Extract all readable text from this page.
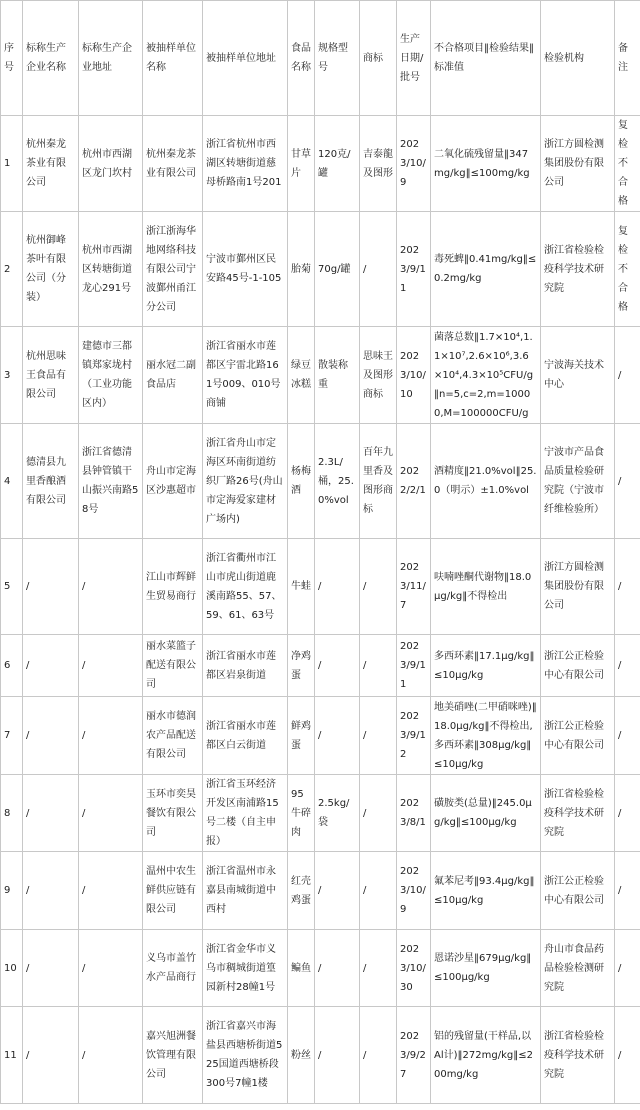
序号	标称生产企业名称	标称生产企业地址	被抽样单位名称	被抽样单位地址	食品名称	规格型号	商标	生产日期/批号	不合格项目‖检验结果‖标准值	检验机构	备注
1	杭州秦龙茶业有限公司	杭州市西湖区龙门坎村	杭州秦龙茶业有限公司	浙江省杭州市西湖区转塘街道慈母桥路南1号201	甘草片	120克/罐	吉泰龍及图形	2023/10/9	二氧化硫残留量‖347mg/kg‖≤100mg/kg	浙江方圆检测集团股份有限公司	复检不合格
2	杭州御峰茶叶有限公司（分装）	杭州市西湖区转塘街道龙心291号	浙江浙海华地网络科技有限公司宁波鄞州甬江分公司	宁波市鄞州区民安路45号-1-105	胎菊	70g/罐	/	2023/9/11	毒死蜱‖0.41mg/kg‖≤0.2mg/kg	浙江省检验检疫科学技术研究院	复检不合格
3	杭州思味王食品有限公司	建德市三都镇郑家垅村（工业功能区内）	丽水冠二副食品店	浙江省丽水市莲都区宇雷北路161号009、010号商铺	绿豆冰糕	散装称重	思味王及图形商标	2023/10/10	菌落总数‖1.7×10⁴,1.1×10⁷,2.6×10⁶,3.6×10⁴,4.3×10⁵CFU/g‖n=5,c=2,m=10000,M=100000CFU/g	宁波海关技术中心	/
4	德清县九里香酿酒有限公司	浙江省德清县钟管镇干山振兴南路58号	舟山市定海区沙惠超市	浙江省舟山市定海区环南街道纺织厂路26号(舟山市定海爱家建材广场内)	杨梅酒	2.3L/桶，25.0%vol	百年九里香及图形商标	2022/2/1	酒精度‖21.0%vol‖25.0（明示）±1.0%vol	宁波市产品食品质量检验研究院（宁波市纤维检验所）	/
5	/	/	江山市辉鲜生贸易商行	浙江省衢州市江山市虎山街道鹿溪南路55、57、59、61、63号	牛蛙	/	/	2023/11/7	呋喃唑酮代谢物‖18.0μg/kg‖不得检出	浙江方圆检测集团股份有限公司	/
6	/	/	丽水菜篮子配送有限公司	浙江省丽水市莲都区岩泉街道	净鸡蛋	/	/	2023/9/11	多西环素‖17.1μg/kg‖≤10μg/kg	浙江公正检验中心有限公司	/
7	/	/	丽水市德润农产品配送有限公司	浙江省丽水市莲都区白云街道	鲜鸡蛋	/	/	2023/9/12	地美硝唑(二甲硝咪唑)‖18.0μg/kg‖不得检出,多西环素‖308μg/kg‖≤10μg/kg	浙江公正检验中心有限公司	/
8	/	/	玉环市奕昊餐饮有限公司	浙江省玉环经济开发区南浦路15号二楼（自主申报）	95牛碎肉	2.5kg/袋	/	2023/8/1	磺胺类(总量)‖245.0μg/kg‖≤100μg/kg	浙江省检验检疫科学技术研究院	/
9	/	/	温州中农生鲜供应链有限公司	浙江省温州市永嘉县南城街道中西村	红壳鸡蛋	/	/	2023/10/9	氟苯尼考‖93.4μg/kg‖≤10μg/kg	浙江公正检验中心有限公司	/
10	/	/	义乌市盖竹水产品商行	浙江省金华市义乌市稠城街道篁园新村28幢1号	鳊鱼	/	/	2023/10/30	恩诺沙星‖679μg/kg‖≤100μg/kg	舟山市食品药品检验检测研究院	/
11	/	/	嘉兴旭洲餐饮管理有限公司	浙江省嘉兴市海盐县西塘桥街道525国道西塘桥段300号7幢1楼	粉丝	/	/	2023/9/27	铝的残留量(干样品,以Al计)‖272mg/kg‖≤200mg/kg	浙江省检验检疫科学技术研究院	/
